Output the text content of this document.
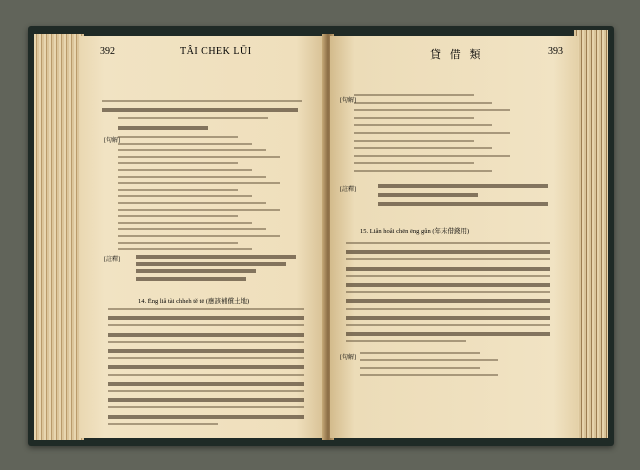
392	TÂI CHEK LŪI
[句解]
[註釋]
14. Ēng liâ tài chheh tĕ tē (應該補償土地)
貸 借 類	393
[句解]
[註釋]
15. Liân hoâi chēn ēng gûn (年末借錢用)
[句解]
